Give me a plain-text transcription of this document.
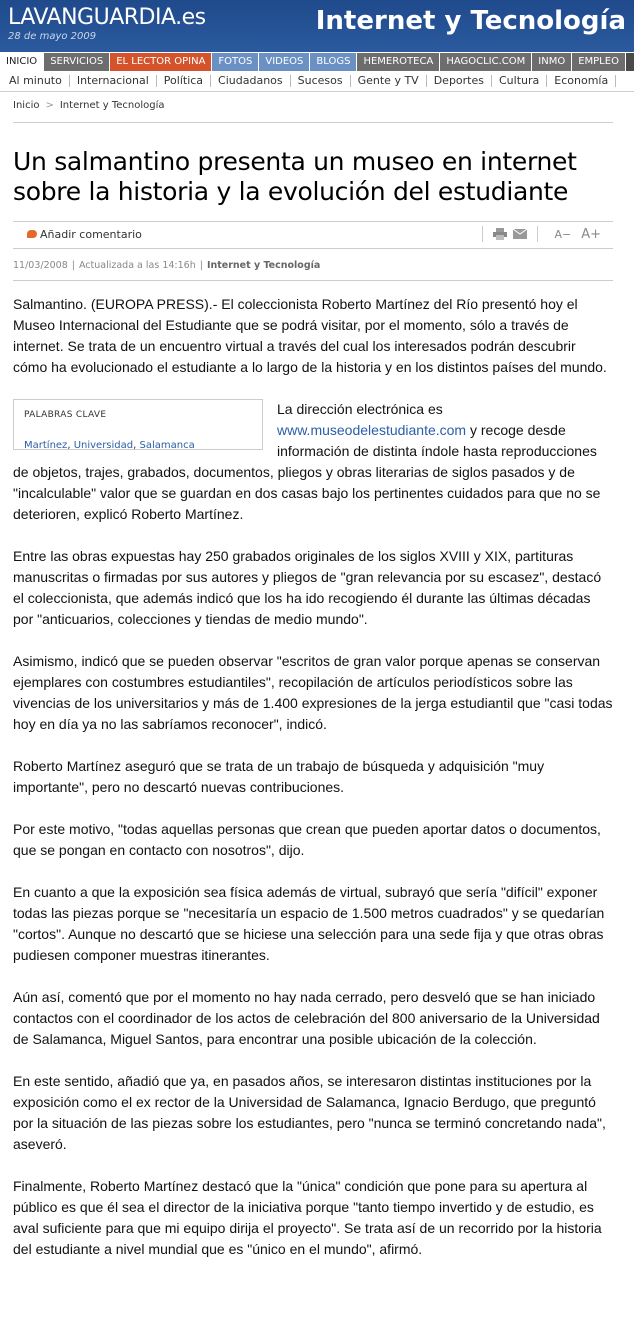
LAVANGUARDIA.es
28 de mayo 2009
Internet y Tecnología
INICIO	SERVICIOS	EL LECTOR OPINA	FOTOS	VIDEOS	BLOGS	HEMEROTECA	HAGOCLIC.COM	INMO	EMPLEO
Al minuto	Internacional	Política	Ciudadanos	Sucesos	Gente y TV	Deportes	Cultura	Economía
Inicio > Internet y Tecnología
Un salmantino presenta un museo en internet sobre la historia y la evolución del estudiante
Añadir comentario	A− A+
11/03/2008 | Actualizada a las 14:16h | Internet y Tecnología

Salmantino. (EUROPA PRESS).- El coleccionista Roberto Martínez del Río presentó hoy el Museo Internacional del Estudiante que se podrá visitar, por el momento, sólo a través de internet. Se trata de un encuentro virtual a través del cual los interesados podrán descubrir cómo ha evolucionado el estudiante a lo largo de la historia y en los distintos países del mundo.

PALABRAS CLAVE
Martínez, Universidad, Salamanca
La dirección electrónica es www.museodelestudiante.com y recoge desde información de distinta índole hasta reproducciones de objetos, trajes, grabados, documentos, pliegos y obras literarias de siglos pasados y de "incalculable" valor que se guardan en dos casas bajo los pertinentes cuidados para que no se deterioren, explicó Roberto Martínez.

Entre las obras expuestas hay 250 grabados originales de los siglos XVIII y XIX, partituras manuscritas o firmadas por sus autores y pliegos de "gran relevancia por su escasez", destacó el coleccionista, que además indicó que los ha ido recogiendo él durante las últimas décadas por "anticuarios, colecciones y tiendas de medio mundo".

Asimismo, indicó que se pueden observar "escritos de gran valor porque apenas se conservan ejemplares con costumbres estudiantiles", recopilación de artículos periodísticos sobre las vivencias de los universitarios y más de 1.400 expresiones de la jerga estudiantil que "casi todas hoy en día ya no las sabríamos reconocer", indicó.

Roberto Martínez aseguró que se trata de un trabajo de búsqueda y adquisición "muy importante", pero no descartó nuevas contribuciones.

Por este motivo, "todas aquellas personas que crean que pueden aportar datos o documentos, que se pongan en contacto con nosotros", dijo.

En cuanto a que la exposición sea física además de virtual, subrayó que sería "difícil" exponer todas las piezas porque se "necesitaría un espacio de 1.500 metros cuadrados" y se quedarían "cortos". Aunque no descartó que se hiciese una selección para una sede fija y que otras obras pudiesen componer muestras itinerantes.

Aún así, comentó que por el momento no hay nada cerrado, pero desveló que se han iniciado contactos con el coordinador de los actos de celebración del 800 aniversario de la Universidad de Salamanca, Miguel Santos, para encontrar una posible ubicación de la colección.

En este sentido, añadió que ya, en pasados años, se interesaron distintas instituciones por la exposición como el ex rector de la Universidad de Salamanca, Ignacio Berdugo, que preguntó por la situación de las piezas sobre los estudiantes, pero "nunca se terminó concretando nada", aseveró.

Finalmente, Roberto Martínez destacó que la "única" condición que pone para su apertura al público es que él sea el director de la iniciativa porque "tanto tiempo invertido y de estudio, es aval suficiente para que mi equipo dirija el proyecto". Se trata así de un recorrido por la historia del estudiante a nivel mundial que es "único en el mundo", afirmó.
